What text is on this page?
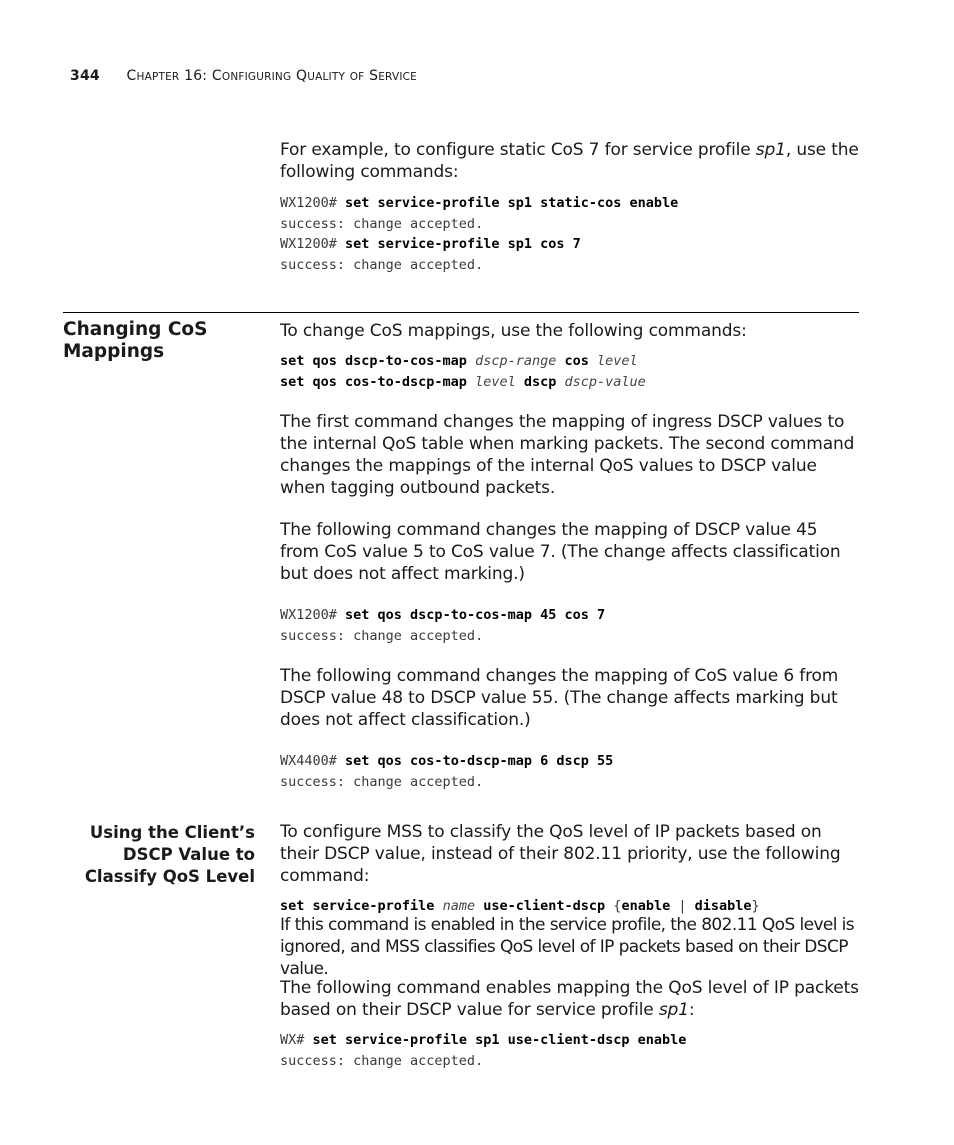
344 CHAPTER 16: CONFIGURING QUALITY OF SERVICE

For example, to configure static CoS 7 for service profile sp1, use the following commands:

WX1200# set service-profile sp1 static-cos enable
success: change accepted.
WX1200# set service-profile sp1 cos 7
success: change accepted.
Changing CoS
Mappings

To change CoS mappings, use the following commands:

set qos dscp-to-cos-map dscp-range cos level
set qos cos-to-dscp-map level dscp dscp-value

The first command changes the mapping of ingress DSCP values to the internal QoS table when marking packets. The second command changes the mappings of the internal QoS values to DSCP value when tagging outbound packets.

The following command changes the mapping of DSCP value 45 from CoS value 5 to CoS value 7. (The change affects classification but does not affect marking.)

WX1200# set qos dscp-to-cos-map 45 cos 7
success: change accepted.

The following command changes the mapping of CoS value 6 from DSCP value 48 to DSCP value 55. (The change affects marking but does not affect classification.)

WX4400# set qos cos-to-dscp-map 6 dscp 55
success: change accepted.
Using the Client’s
DSCP Value to
Classify QoS Level

To configure MSS to classify the QoS level of IP packets based on their DSCP value, instead of their 802.11 priority, use the following command:

set service-profile name use-client-dscp {enable | disable}

If this command is enabled in the service profile, the 802.11 QoS level is ignored, and MSS classifies QoS level of IP packets based on their DSCP value.

The following command enables mapping the QoS level of IP packets based on their DSCP value for service profile sp1:

WX# set service-profile sp1 use-client-dscp enable
success: change accepted.
